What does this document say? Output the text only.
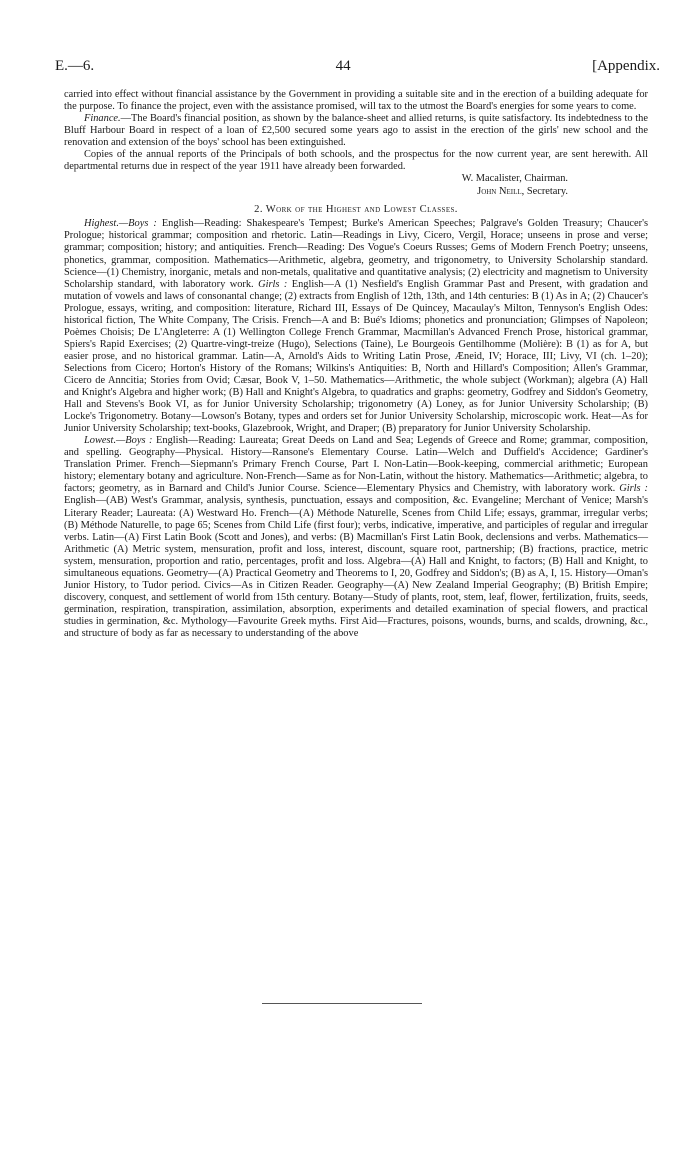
E.—6.	44	[Appendix.

carried into effect without financial assistance by the Government in providing a suitable site and in the erection of a building adequate for the purpose. To finance the project, even with the assistance promised, will tax to the utmost the Board's energies for some years to come.

Finance.—The Board's financial position, as shown by the balance-sheet and allied returns, is quite satisfactory. Its indebtedness to the Bluff Harbour Board in respect of a loan of £2,500 secured some years ago to assist in the erection of the girls' new school and the renovation and extension of the boys' school has been extinguished.

Copies of the annual reports of the Principals of both schools, and the prospectus for the now current year, are sent herewith. All departmental returns due in respect of the year 1911 have already been forwarded.

W. Macalister, Chairman.
John Neill, Secretary.
2. Work of the Highest and Lowest Classes.

Highest.—Boys : English—Reading: Shakespeare's Tempest; Burke's American Speeches; Palgrave's Golden Treasury; Chaucer's Prologue; historical grammar; composition and rhetoric. Latin—Readings in Livy, Cicero, Vergil, Horace; unseens in prose and verse; grammar; composition; history; and antiquities. French—Reading: Des Vogue's Coeurs Russes; Gems of Modern French Poetry; unseens, phonetics, grammar, composition. Mathematics—Arithmetic, algebra, geometry, and trigonometry, to University Scholarship standard. Science—(1) Chemistry, inorganic, metals and non-metals, qualitative and quantitative analysis; (2) electricity and magnetism to University Scholarship standard, with laboratory work. Girls : English—A (1) Nesfield's English Grammar Past and Present, with gradation and mutation of vowels and laws of consonantal change; (2) extracts from English of 12th, 13th, and 14th centuries: B (1) As in A; (2) Chaucer's Prologue, essays, writing, and composition: literature, Richard III, Essays of De Quincey, Macaulay's Milton, Tennyson's English Odes: historical fiction, The White Company, The Crisis. French—A and B: Bué's Idioms; phonetics and pronunciation; Glimpses of Napoleon; Poèmes Choisis; De L'Angleterre: A (1) Wellington College French Grammar, Macmillan's Advanced French Prose, historical grammar, Spiers's Rapid Exercises; (2) Quartre-vingt-treize (Hugo), Selections (Taine), Le Bourgeois Gentilhomme (Molière): B (1) as for A, but easier prose, and no historical grammar. Latin—A, Arnold's Aids to Writing Latin Prose, Æneid, IV; Horace, III; Livy, VI (ch. 1–20); Selections from Cicero; Horton's History of the Romans; Wilkins's Antiquities: B, North and Hillard's Composition; Allen's Grammar, Cicero de Anncitia; Stories from Ovid; Cæsar, Book V, 1–50. Mathematics—Arithmetic, the whole subject (Workman); algebra (A) Hall and Knight's Algebra and higher work; (B) Hall and Knight's Algebra, to quadratics and graphs: geometry, Godfrey and Siddon's Geometry, Hall and Stevens's Book VI, as for Junior University Scholarship; trigonometry (A) Loney, as for Junior University Scholarship; (B) Locke's Trigonometry. Botany—Lowson's Botany, types and orders set for Junior University Scholarship, microscopic work. Heat—As for Junior University Scholarship; text-books, Glazebrook, Wright, and Draper; (B) preparatory for Junior University Scholarship.

Lowest.—Boys : English—Reading: Laureata; Great Deeds on Land and Sea; Legends of Greece and Rome; grammar, composition, and spelling. Geography—Physical. History—Ransone's Elementary Course. Latin—Welch and Duffield's Accidence; Gardiner's Translation Primer. French—Siepmann's Primary French Course, Part I. Non-Latin—Book-keeping, commercial arithmetic; European history; elementary botany and agriculture. Non-French—Same as for Non-Latin, without the history. Mathematics—Arithmetic; algebra, to factors; geometry, as in Barnard and Child's Junior Course. Science—Elementary Physics and Chemistry, with laboratory work. Girls : English—(AB) West's Grammar, analysis, synthesis, punctuation, essays and composition, &c. Evangeline; Merchant of Venice; Marsh's Literary Reader; Laureata: (A) Westward Ho. French—(A) Méthode Naturelle, Scenes from Child Life; essays, grammar, irregular verbs; (B) Méthode Naturelle, to page 65; Scenes from Child Life (first four); verbs, indicative, imperative, and participles of regular and irregular verbs. Latin—(A) First Latin Book (Scott and Jones), and verbs: (B) Macmillan's First Latin Book, declensions and verbs. Mathematics—Arithmetic (A) Metric system, mensuration, profit and loss, interest, discount, square root, partnership; (B) fractions, practice, metric system, mensuration, proportion and ratio, percentages, profit and loss. Algebra—(A) Hall and Knight, to factors; (B) Hall and Knight, to simultaneous equations. Geometry—(A) Practical Geometry and Theorems to I, 20, Godfrey and Siddon's; (B) as A, I, 15. History—Oman's Junior History, to Tudor period. Civics—As in Citizen Reader. Geography—(A) New Zealand Imperial Geography; (B) British Empire; discovery, conquest, and settlement of world from 15th century. Botany—Study of plants, root, stem, leaf, flower, fertilization, fruits, seeds, germination, respiration, transpiration, assimilation, absorption, experiments and detailed examination of special flowers, and practical studies in germination, &c. Mythology—Favourite Greek myths. First Aid—Fractures, poisons, wounds, burns, and scalds, drowning, &c., and structure of body as far as necessary to understanding of the above
